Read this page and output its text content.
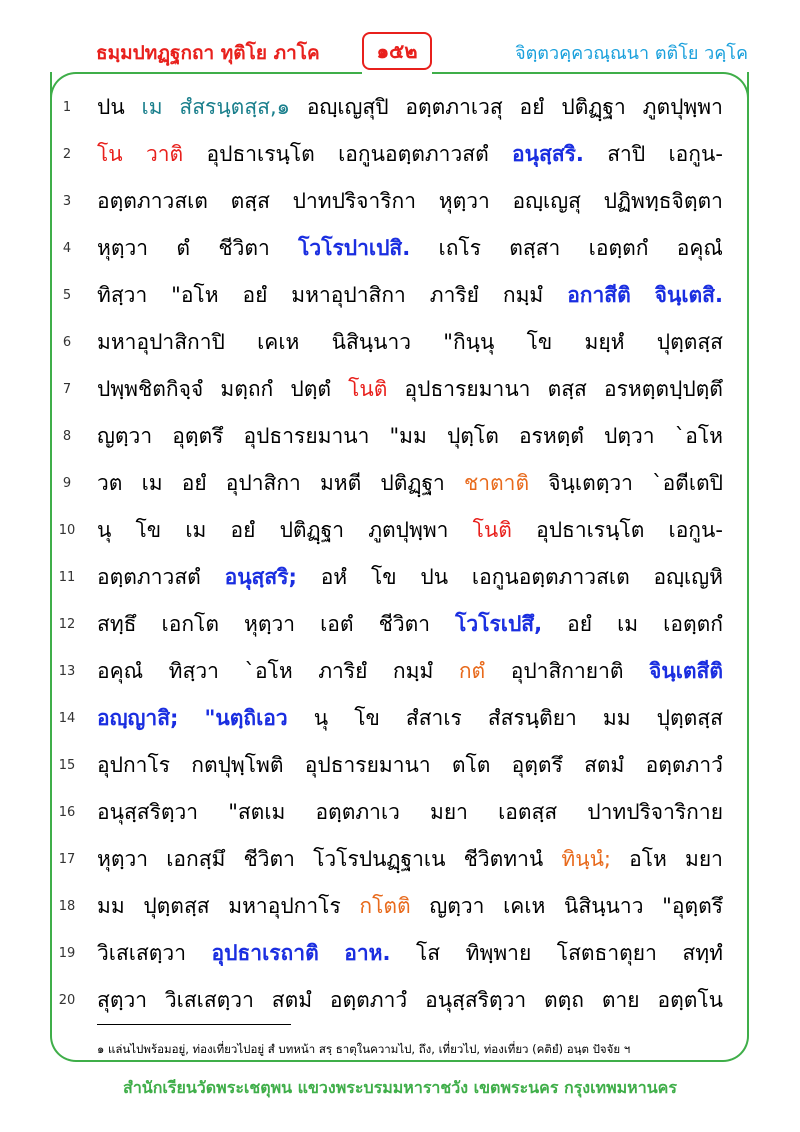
ธมฺมปทฏฺฐกถา ทุติโย ภาโค	๑๕๒	จิตฺตวคฺควณฺณนา ตติโย วคฺโค
1	ปน เม สํสรนฺตสฺส,๑ อญฺเญสุปิ อตฺตภาเวสุ อยํ ปติฏฺฐา ภูตปุพฺพา
2	โน วาติ อุปธาเรนฺโต เอกูนอตฺตภาวสตํ อนุสฺสริ. สาปิ เอกูน-
3	อตฺตภาวสเต ตสฺส ปาทปริจาริกา หุตฺวา อญฺเญสุ ปฏิพทฺธจิตฺตา
4	หุตฺวา ตํ ชีวิตา โวโรปาเปสิ. เถโร ตสฺสา เอตฺตกํ อคุณํ
5	ทิสฺวา "อโห อยํ มหาอุปาสิกา ภาริยํ กมฺมํ อกาสีติ จินฺเตสิ.
6	มหาอุปาสิกาปิ เคเห นิสินฺนาว "กินฺนุ โข มยฺหํ ปุตฺตสฺส
7	ปพฺพชิตกิจฺจํ มตฺถกํ ปตฺตํ โนติ อุปธารยมานา ตสฺส อรหตฺตปฺปตฺตึ
8	ญตฺวา อุตฺตรึ อุปธารยมานา "มม ปุตฺโต อรหตฺตํ ปตฺวา `อโห
9	วต เม อยํ อุปาสิกา มหตี ปติฏฺฐา ชาตาติ จินฺเตตฺวา `อตีเตปิ
10 นุ โข เม อยํ ปติฏฺฐา ภูตปุพฺพา โนติ อุปธาเรนฺโต เอกูน-
11 อตฺตภาวสตํ อนุสฺสริ; อหํ โข ปน เอกูนอตฺตภาวสเต อญฺเญหิ
12 สทฺธึ เอกโต หุตฺวา เอตํ ชีวิตา โวโรเปสึ, อยํ เม เอตฺตกํ
13 อคุณํ ทิสฺวา `อโห ภาริยํ กมฺมํ กตํ อุปาสิกายาติ จินฺเตสีติ
14 อญฺญาสิ; "นตฺถิเอว นุ โข สํสาเร สํสรนฺติยา มม ปุตฺตสฺส
15 อุปกาโร กตปุพฺโพติ อุปธารยมานา ตโต อุตฺตรึ สตมํ อตฺตภาวํ
16 อนุสฺสริตฺวา "สตเม อตฺตภาเว มยา เอตสฺส ปาทปริจาริกาย
17 หุตฺวา เอกสฺมึ ชีวิตา โวโรปนฏฺฐาเน ชีวิตทานํ ทินฺนํ; อโห มยา
18 มม ปุตฺตสฺส มหาอุปกาโร กโตติ ญตฺวา เคเห นิสินฺนาว "อุตฺตรึ
19 วิเสเสตฺวา อุปธาเรถาติ อาห. โส ทิพฺพาย โสตธาตุยา สทฺทํ
20 สุตฺวา วิเสเสตฺวา สตมํ อตฺตภาวํ อนุสฺสริตฺวา ตตฺถ ตาย อตฺตโน
๑ แล่นไปพร้อมอยู่, ท่องเที่ยวไปอยู่ สํ บทหน้า สรฺ ธาตุในความไป, ถึง, เที่ยวไป, ท่องเที่ยว (คติยํ) อนฺต ปัจจัย ฯ
สำนักเรียนวัดพระเชตุพน แขวงพระบรมมหาราชวัง เขตพระนคร กรุงเทพมหานคร
